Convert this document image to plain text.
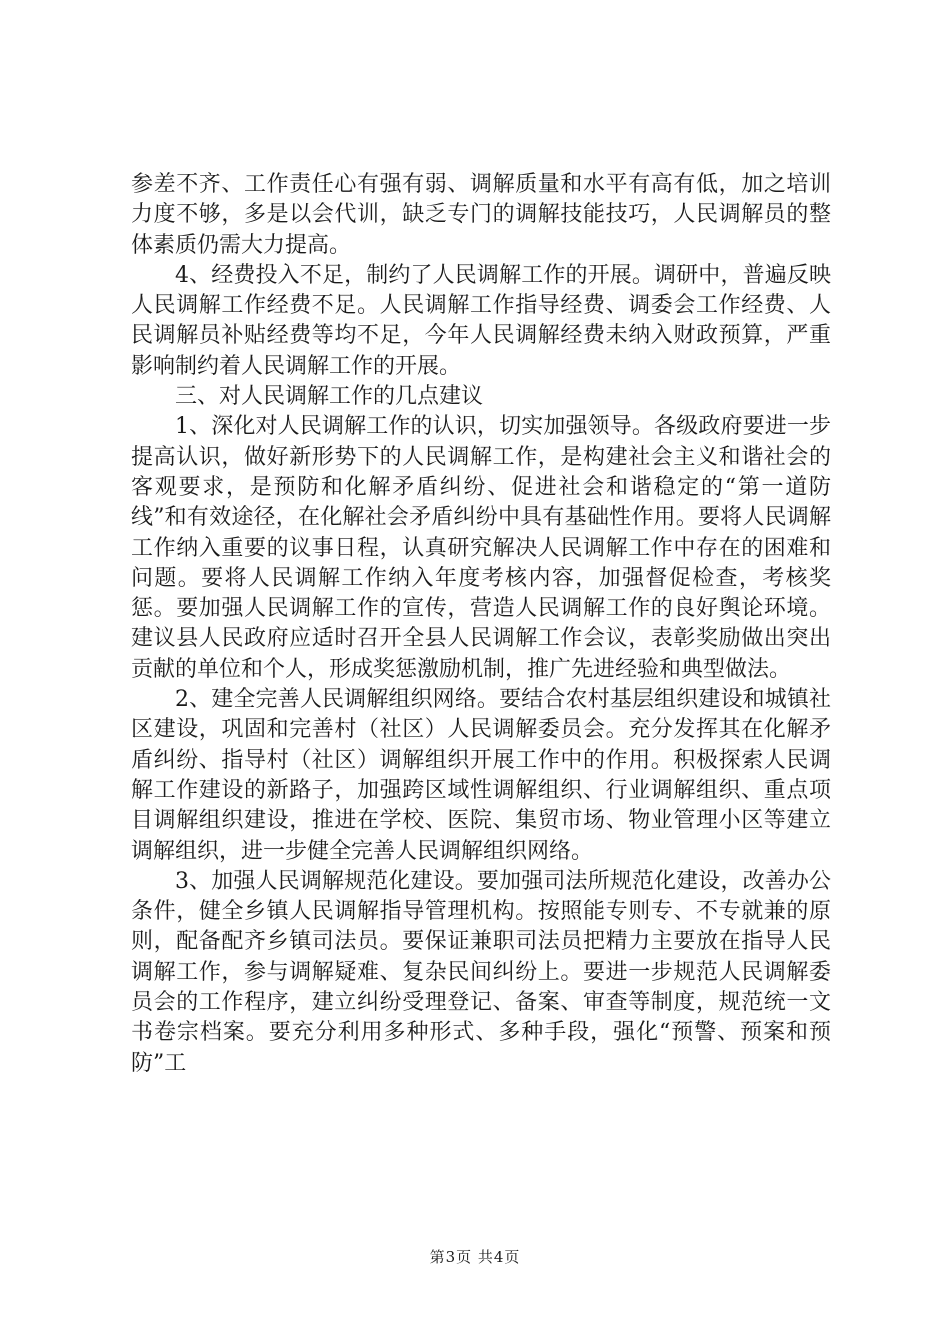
参差不齐、工作责任心有强有弱、调解质量和水平有高有低，加之培训力度不够，多是以会代训，缺乏专门的调解技能技巧，人民调解员的整体素质仍需大力提高。

4、经费投入不足，制约了人民调解工作的开展。调研中，普遍反映人民调解工作经费不足。人民调解工作指导经费、调委会工作经费、人民调解员补贴经费等均不足，今年人民调解经费未纳入财政预算，严重影响制约着人民调解工作的开展。

三、对人民调解工作的几点建议

1、深化对人民调解工作的认识，切实加强领导。各级政府要进一步提高认识，做好新形势下的人民调解工作，是构建社会主义和谐社会的客观要求，是预防和化解矛盾纠纷、促进社会和谐稳定的“第一道防线”和有效途径，在化解社会矛盾纠纷中具有基础性作用。要将人民调解工作纳入重要的议事日程，认真研究解决人民调解工作中存在的困难和问题。要将人民调解工作纳入年度考核内容，加强督促检查，考核奖惩。要加强人民调解工作的宣传，营造人民调解工作的良好舆论环境。建议县人民政府应适时召开全县人民调解工作会议，表彰奖励做出突出贡献的单位和个人，形成奖惩激励机制，推广先进经验和典型做法。

2、建全完善人民调解组织网络。要结合农村基层组织建设和城镇社区建设，巩固和完善村（社区）人民调解委员会。充分发挥其在化解矛盾纠纷、指导村（社区）调解组织开展工作中的作用。积极探索人民调解工作建设的新路子，加强跨区域性调解组织、行业调解组织、重点项目调解组织建设，推进在学校、医院、集贸市场、物业管理小区等建立调解组织，进一步健全完善人民调解组织网络。

3、加强人民调解规范化建设。要加强司法所规范化建设，改善办公条件，健全乡镇人民调解指导管理机构。按照能专则专、不专就兼的原则，配备配齐乡镇司法员。要保证兼职司法员把精力主要放在指导人民调解工作，参与调解疑难、复杂民间纠纷上。要进一步规范人民调解委员会的工作程序，建立纠纷受理登记、备案、审查等制度，规范统一文书卷宗档案。要充分利用多种形式、多种手段，强化“预警、预案和预防”工

第3页 共4页
